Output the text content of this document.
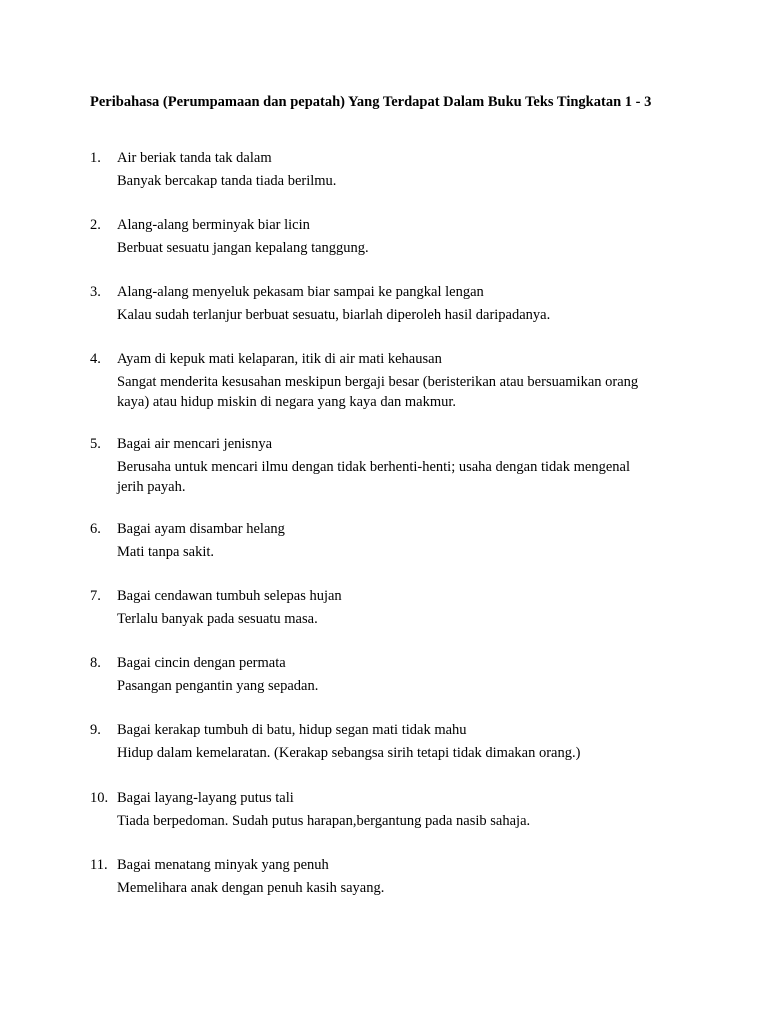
Peribahasa (Perumpamaan dan pepatah) Yang Terdapat Dalam Buku Teks Tingkatan 1 - 3
1.	Air beriak tanda tak dalam
Banyak bercakap tanda tiada berilmu.
2.	Alang-alang berminyak biar licin
Berbuat sesuatu jangan kepalang tanggung.
3.	Alang-alang menyeluk pekasam biar sampai ke pangkal lengan
Kalau sudah terlanjur berbuat sesuatu, biarlah diperoleh hasil daripadanya.
4.	Ayam di kepuk mati kelaparan, itik di air mati kehausan
Sangat menderita kesusahan meskipun bergaji besar (beristerikan atau bersuamikan orang kaya) atau hidup miskin di negara yang kaya dan makmur.
5.	Bagai air mencari jenisnya
Berusaha untuk mencari ilmu dengan tidak berhenti-henti; usaha dengan tidak mengenal jerih payah.
6.	Bagai ayam disambar helang
Mati tanpa sakit.
7.	Bagai cendawan tumbuh selepas hujan
Terlalu banyak pada sesuatu masa.
8.	Bagai cincin dengan permata
Pasangan pengantin yang sepadan.
9.	Bagai kerakap tumbuh di batu, hidup segan mati tidak mahu
Hidup dalam kemelaratan. (Kerakap sebangsa sirih tetapi tidak dimakan orang.)
10. Bagai layang-layang putus tali
Tiada berpedoman. Sudah putus harapan,bergantung pada nasib sahaja.
11. Bagai menatang minyak yang penuh
Memelihara anak dengan penuh kasih sayang.
